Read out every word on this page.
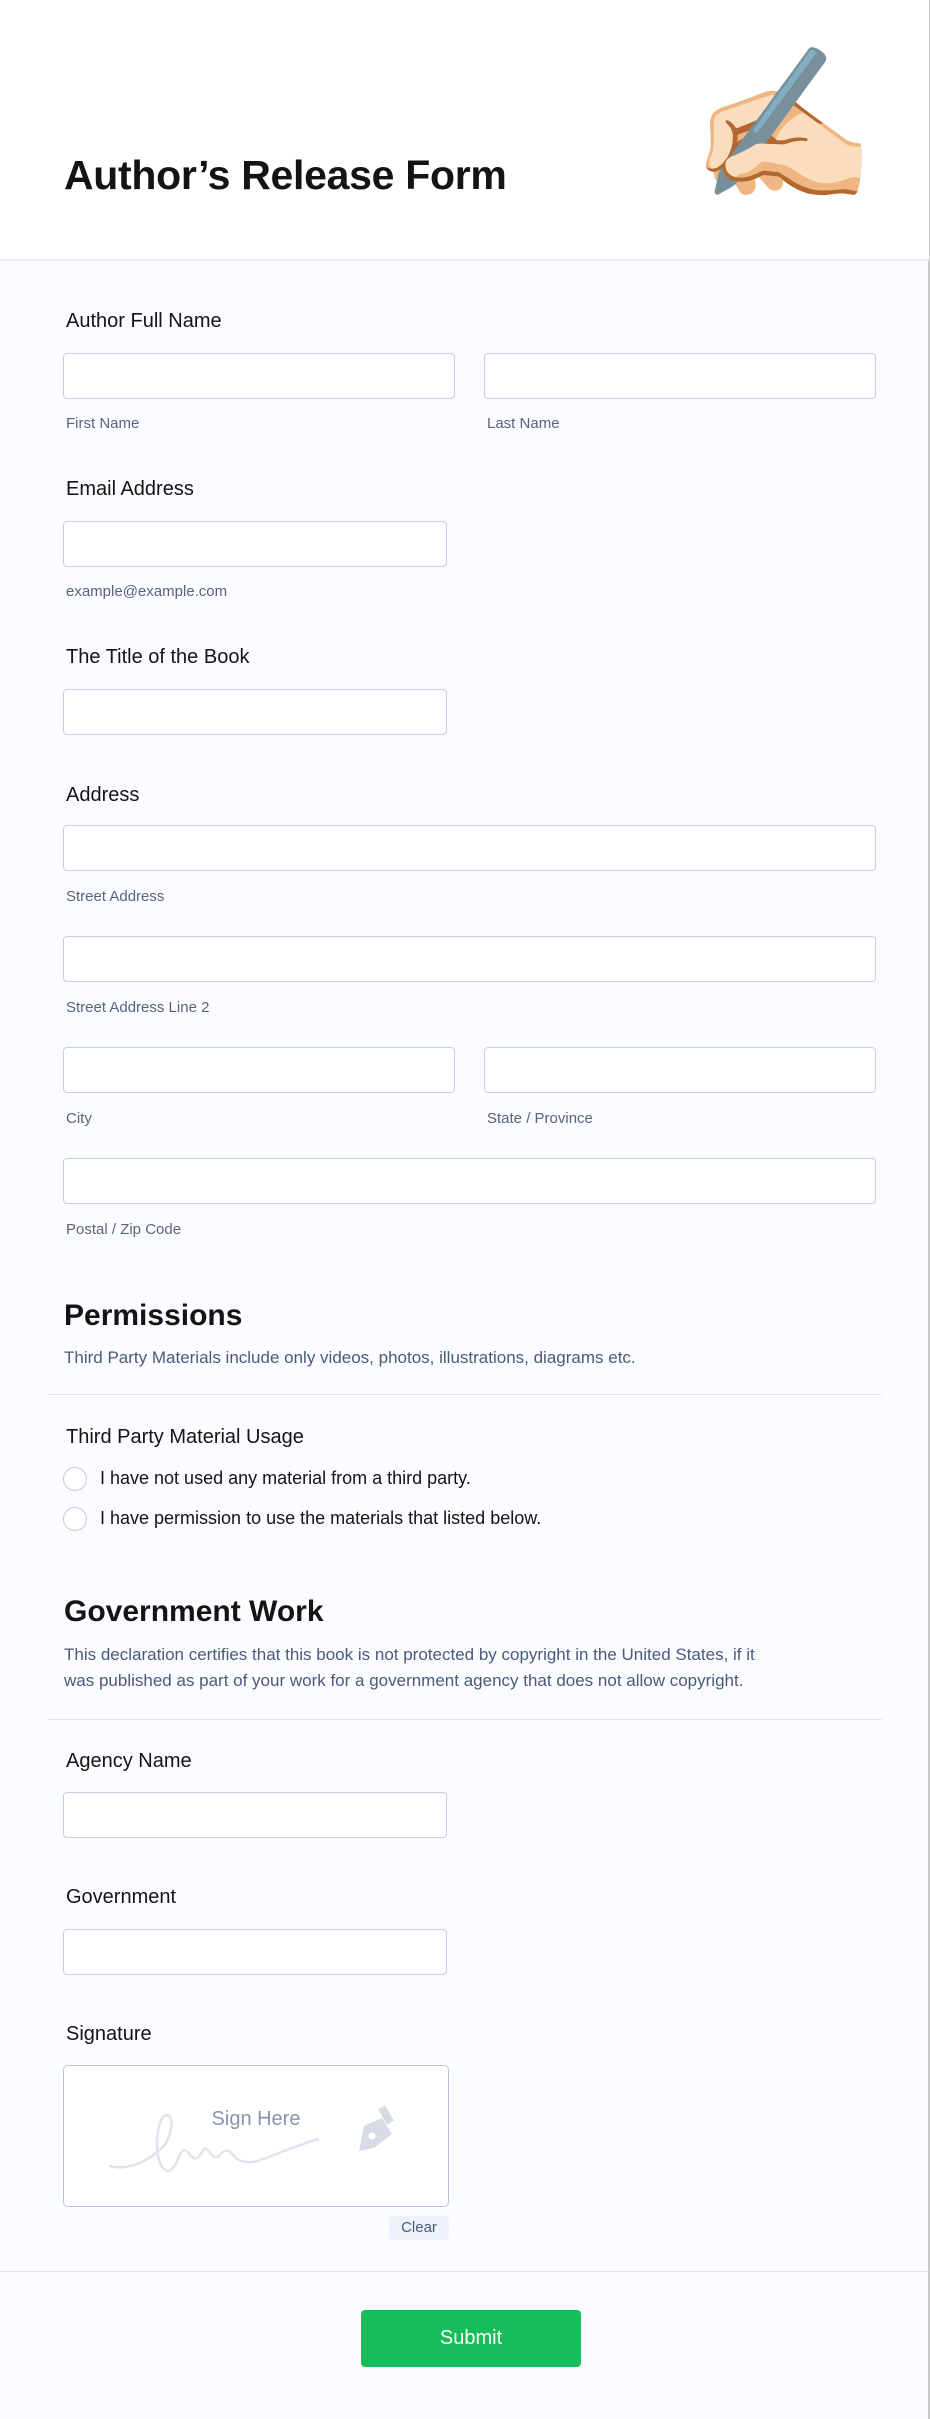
Author’s Release Form ✍🏻
Author Full Name
First Name	Last Name
Email Address
example@example.com
The Title of the Book
Address
Street Address
Street Address Line 2
City	State / Province
Postal / Zip Code
Permissions
Third Party Materials include only videos, photos, illustrations, diagrams etc.
Third Party Material Usage
I have not used any material from a third party.
I have permission to use the materials that listed below.
Government Work
This declaration certifies that this book is not protected by copyright in the United States, if it
was published as part of your work for a government agency that does not allow copyright.
Agency Name
Government
Signature
Sign Here
Clear
Submit
